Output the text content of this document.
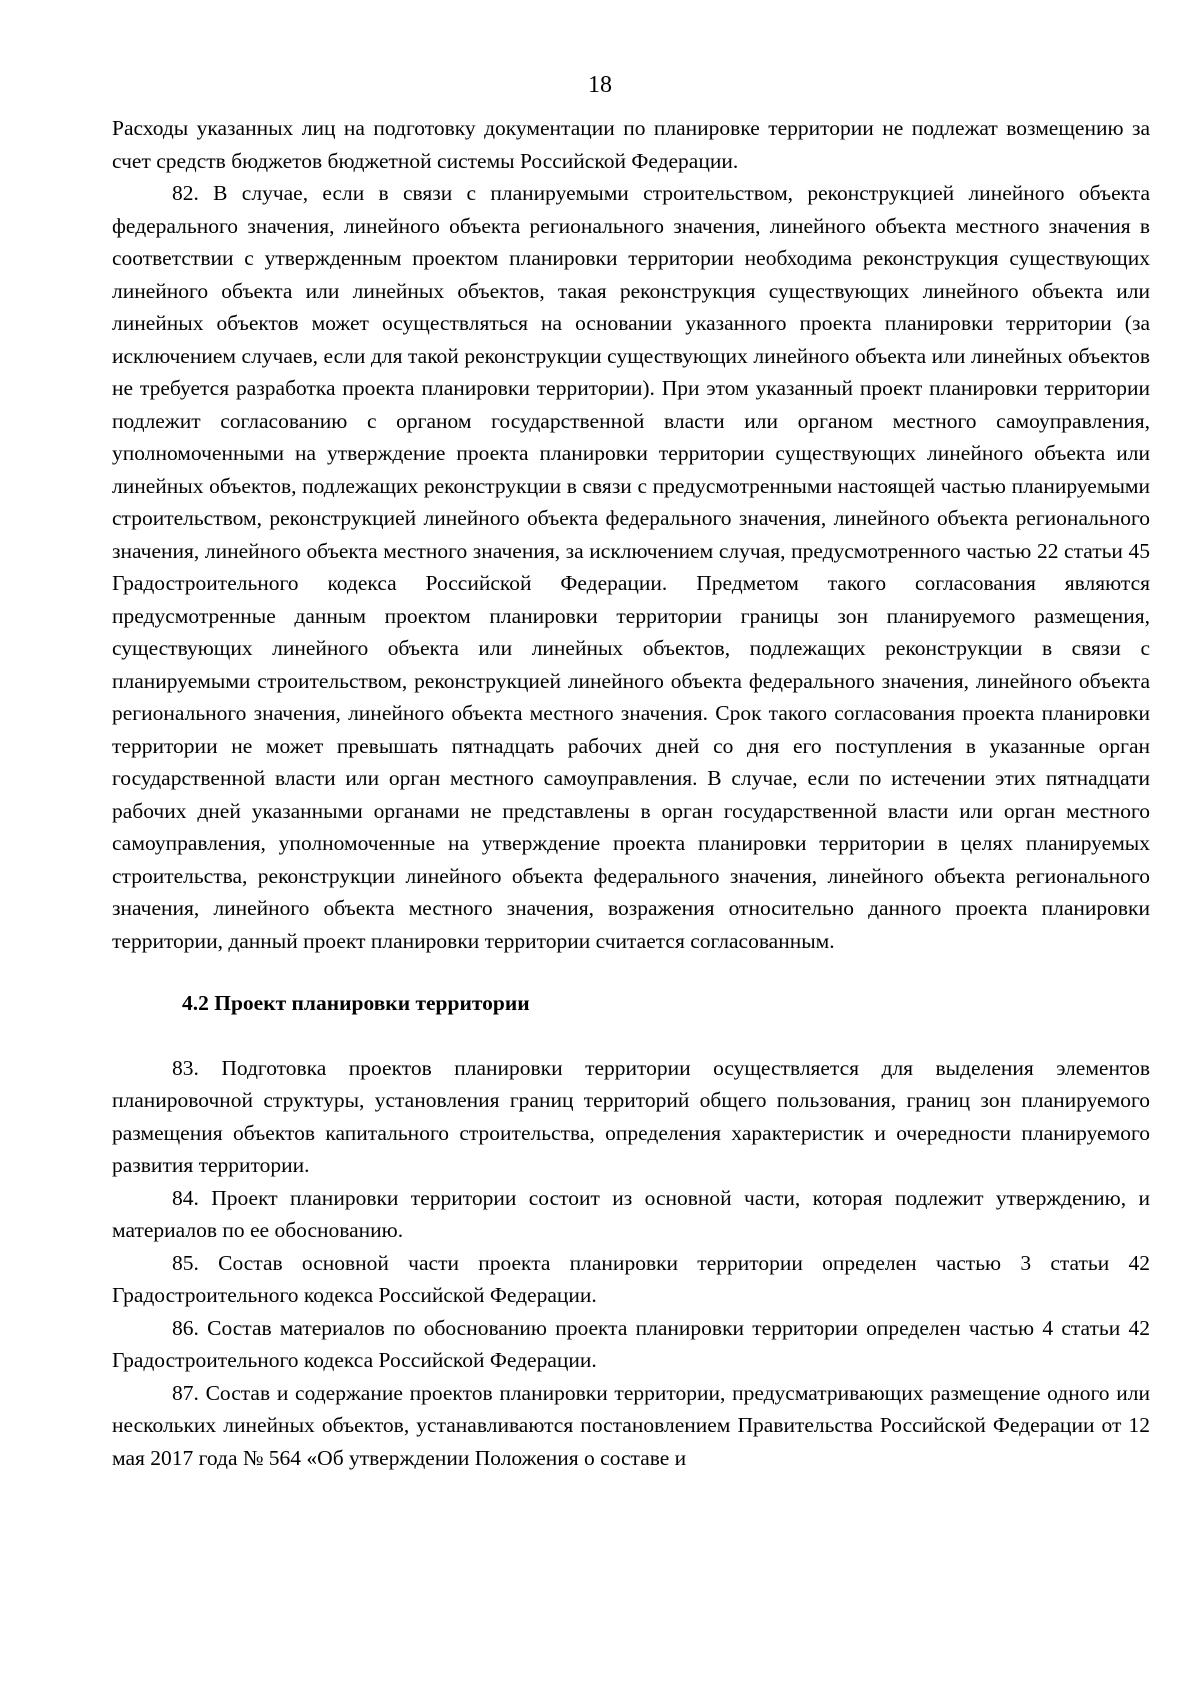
18

Расходы указанных лиц на подготовку документации по планировке территории не подлежат возмещению за счет средств бюджетов бюджетной системы Российской Федерации.

82. В случае, если в связи с планируемыми строительством, реконструкцией линейного объекта федерального значения, линейного объекта регионального значения, линейного объекта местного значения в соответствии с утвержденным проектом планировки территории необходима реконструкция существующих линейного объекта или линейных объектов, такая реконструкция существующих линейного объекта или линейных объектов может осуществляться на основании указанного проекта планировки территории (за исключением случаев, если для такой реконструкции существующих линейного объекта или линейных объектов не требуется разработка проекта планировки территории). При этом указанный проект планировки территории подлежит согласованию с органом государственной власти или органом местного самоуправления, уполномоченными на утверждение проекта планировки территории существующих линейного объекта или линейных объектов, подлежащих реконструкции в связи с предусмотренными настоящей частью планируемыми строительством, реконструкцией линейного объекта федерального значения, линейного объекта регионального значения, линейного объекта местного значения, за исключением случая, предусмотренного частью 22 статьи 45 Градостроительного кодекса Российской Федерации. Предметом такого согласования являются предусмотренные данным проектом планировки территории границы зон планируемого размещения, существующих линейного объекта или линейных объектов, подлежащих реконструкции в связи с планируемыми строительством, реконструкцией линейного объекта федерального значения, линейного объекта регионального значения, линейного объекта местного значения. Срок такого согласования проекта планировки территории не может превышать пятнадцать рабочих дней со дня его поступления в указанные орган государственной власти или орган местного самоуправления. В случае, если по истечении этих пятнадцати рабочих дней указанными органами не представлены в орган государственной власти или орган местного самоуправления, уполномоченные на утверждение проекта планировки территории в целях планируемых строительства, реконструкции линейного объекта федерального значения, линейного объекта регионального значения, линейного объекта местного значения, возражения относительно данного проекта планировки территории, данный проект планировки территории считается согласованным.

4.2 Проект планировки территории

83. Подготовка проектов планировки территории осуществляется для выделения элементов планировочной структуры, установления границ территорий общего пользования, границ зон планируемого размещения объектов капитального строительства, определения характеристик и очередности планируемого развития территории.

84. Проект планировки территории состоит из основной части, которая подлежит утверждению, и материалов по ее обоснованию.

85. Состав основной части проекта планировки территории определен частью 3 статьи 42 Градостроительного кодекса Российской Федерации.

86. Состав материалов по обоснованию проекта планировки территории определен частью 4 статьи 42 Градостроительного кодекса Российской Федерации.

87. Состав и содержание проектов планировки территории, предусматривающих размещение одного или нескольких линейных объектов, устанавливаются постановлением Правительства Российской Федерации от 12 мая 2017 года № 564 «Об утверждении Положения о составе и
